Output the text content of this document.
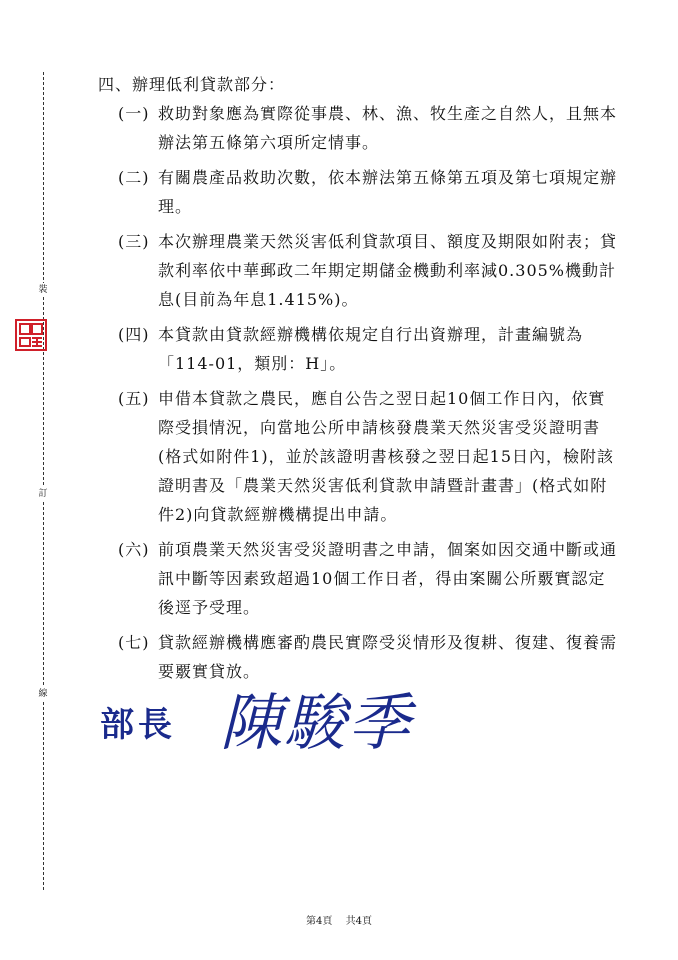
裝
訂
線
四、辦理低利貸款部分：
(一) 救助對象應為實際從事農、林、漁、牧生產之自然人，且無本辦法第五條第六項所定情事。
(二) 有關農產品救助次數，依本辦法第五條第五項及第七項規定辦理。
(三) 本次辦理農業天然災害低利貸款項目、額度及期限如附表；貸款利率依中華郵政二年期定期儲金機動利率減0.305%機動計息(目前為年息1.415%)。
(四) 本貸款由貸款經辦機構依規定自行出資辦理，計畫編號為「114-01，類別：H」。
(五) 申借本貸款之農民，應自公告之翌日起10個工作日內，依實際受損情況，向當地公所申請核發農業天然災害受災證明書(格式如附件1)，並於該證明書核發之翌日起15日內，檢附該證明書及「農業天然災害低利貸款申請暨計畫書」(格式如附件2)向貸款經辦機構提出申請。
(六) 前項農業天然災害受災證明書之申請，個案如因交通中斷或通訊中斷等因素致超過10個工作日者，得由案關公所覈實認定後逕予受理。
(七) 貸款經辦機構應審酌農民實際受災情形及復耕、復建、復養需要覈實貸放。
部長 陳駿季
第4頁 共4頁
